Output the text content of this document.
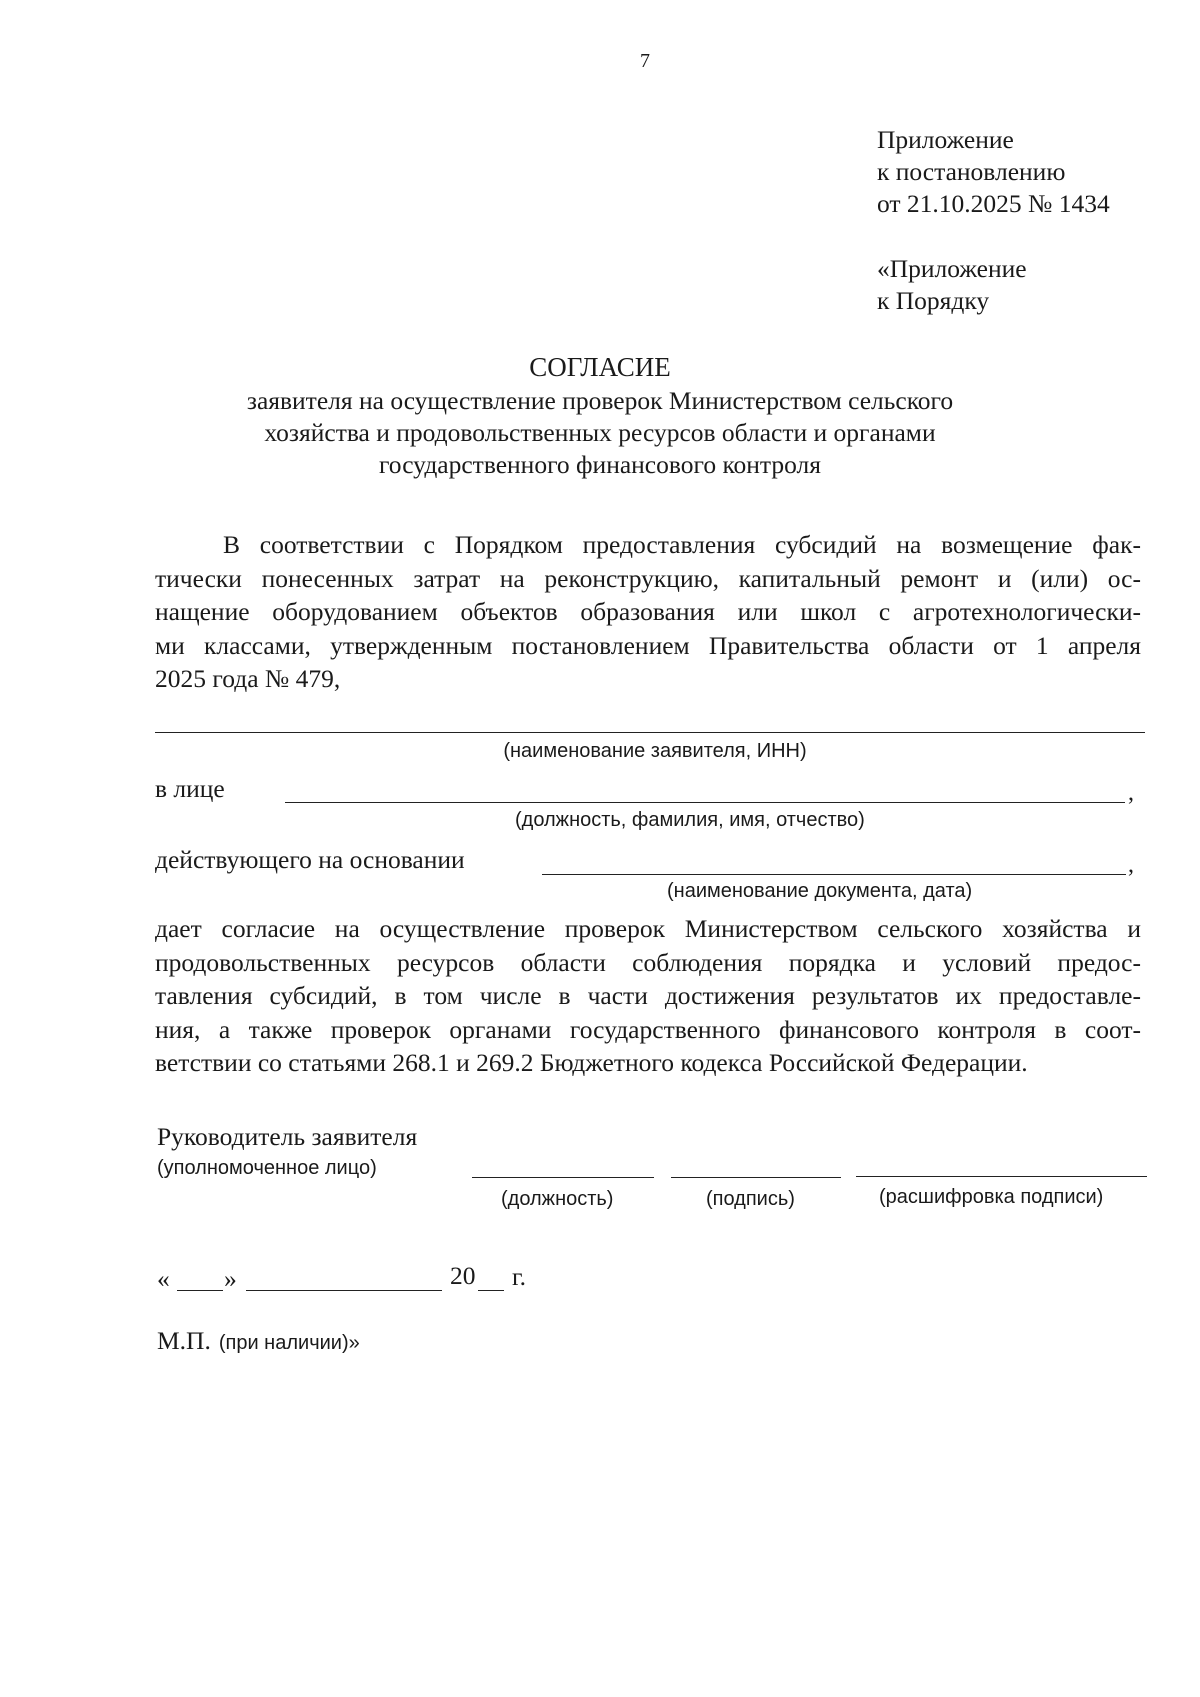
7
Приложение
к постановлению
от 21.10.2025 № 1434
«Приложение
к Порядку
СОГЛАСИЕ
заявителя на осуществление проверок Министерством сельского
хозяйства и продовольственных ресурсов области и органами
государственного финансового контроля
В соответствии с Порядком предоставления субсидий на возмещение фак-
тически понесенных затрат на реконструкцию, капитальный ремонт и (или) ос-
нащение оборудованием объектов образования или школ с агротехнологически-
ми классами, утвержденным постановлением Правительства области от 1 апреля
2025 года № 479,
(наименование заявителя, ИНН)
в лице	,
(должность, фамилия, имя, отчество)
действующего на основании	,
(наименование документа, дата)
дает согласие на осуществление проверок Министерством сельского хозяйства и
продовольственных ресурсов области соблюдения порядка и условий предос-
тавления субсидий, в том числе в части достижения результатов их предоставле-
ния, а также проверок органами государственного финансового контроля в соот-
ветствии со статьями 268.1 и 269.2 Бюджетного кодекса Российской Федерации.
Руководитель заявителя
(уполномоченное лицо)
(должность)	(подпись)	(расшифровка подписи)
« »	20 г.
М.П. (при наличии)»
